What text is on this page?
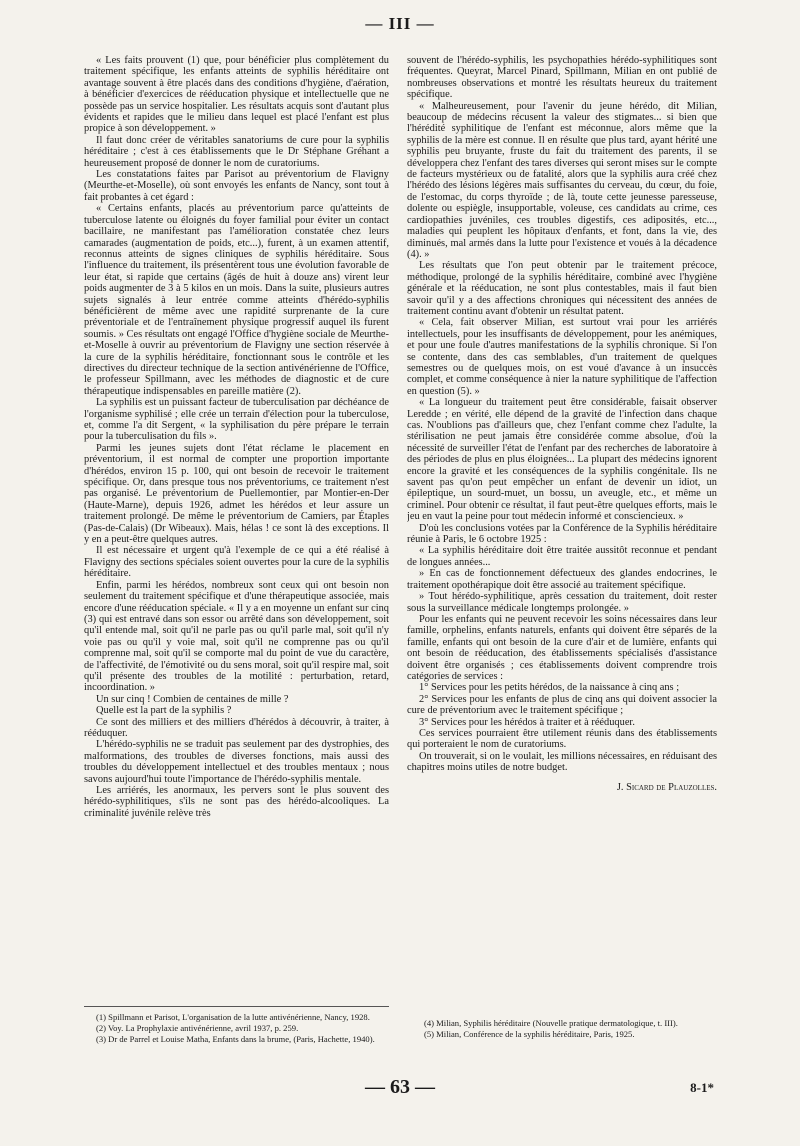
— III —

« Les faits prouvent (1) que, pour bénéficier plus complètement du traitement spécifique, les enfants atteints de syphilis héréditaire ont avantage souvent à être placés dans des conditions d'hygiène, d'aération, à bénéficier d'exercices de rééducation physique et intellectuelle que ne possède pas un service hospitalier. Les résultats acquis sont d'autant plus évidents et rapides que le milieu dans lequel est placé l'enfant est plus propice à son développement. »

Il faut donc créer de véritables sanatoriums de cure pour la syphilis héréditaire ; c'est à ces établissements que le Dr Stéphane Gréhant a heureusement proposé de donner le nom de curatoriums.

Les constatations faites par Parisot au préventorium de Flavigny (Meurthe-et-Moselle), où sont envoyés les enfants de Nancy, sont tout à fait probantes à cet égard :

« Certains enfants, placés au préventorium parce qu'atteints de tuberculose latente ou éloignés du foyer familial pour éviter un contact bacillaire, ne manifestant pas l'amélioration constatée chez leurs camarades (augmentation de poids, etc...), furent, à un examen attentif, reconnus atteints de signes cliniques de syphilis héréditaire. Sous l'influence du traitement, ils présentèrent tous une évolution favorable de leur état, si rapide que certains (âgés de huit à douze ans) virent leur poids augmenter de 3 à 5 kilos en un mois. Dans la suite, plusieurs autres sujets signalés à leur entrée comme atteints d'hérédo-syphilis bénéficièrent de même avec une rapidité surprenante de la cure préventoriale et de l'entraînement physique progressif auquel ils furent soumis. » Ces résultats ont engagé l'Office d'hygiène sociale de Meurthe-et-Moselle à ouvrir au préventorium de Flavigny une section réservée à la cure de la syphilis héréditaire, fonctionnant sous le contrôle et les directives du directeur technique de la section antivénérienne de l'Office, le professeur Spillmann, avec les méthodes de diagnostic et de cure thérapeutique indispensables en pareille matière (2).

La syphilis est un puissant facteur de tuberculisation par déchéance de l'organisme syphilisé ; elle crée un terrain d'élection pour la tuberculose, et, comme l'a dit Sergent, « la syphilisation du père prépare le terrain pour la tuberculisation du fils ».

Parmi les jeunes sujets dont l'état réclame le placement en préventorium, il est normal de compter une proportion importante d'hérédos, environ 15 p. 100, qui ont besoin de recevoir le traitement spécifique. Or, dans presque tous nos préventoriums, ce traitement n'est pas organisé. Le préventorium de Puellemontier, par Montier-en-Der (Haute-Marne), depuis 1926, admet les hérédos et leur assure un traitement prolongé. De même le préventorium de Camiers, par Étaples (Pas-de-Calais) (Dr Wibeaux). Mais, hélas ! ce sont là des exceptions. Il y en a peut-être quelques autres.

Il est nécessaire et urgent qu'à l'exemple de ce qui a été réalisé à Flavigny des sections spéciales soient ouvertes pour la cure de la syphilis héréditaire.

Enfin, parmi les hérédos, nombreux sont ceux qui ont besoin non seulement du traitement spécifique et d'une thérapeutique associée, mais encore d'une rééducation spéciale. « Il y a en moyenne un enfant sur cinq (3) qui est entravé dans son essor ou arrêté dans son développement, soit qu'il entende mal, soit qu'il ne parle pas ou qu'il parle mal, soit qu'il n'y voie pas ou qu'il y voie mal, soit qu'il ne comprenne pas ou qu'il comprenne mal, soit qu'il se comporte mal du point de vue du caractère, de l'affectivité, de l'émotivité ou du sens moral, soit qu'il respire mal, soit qu'il présente des troubles de la motilité : perturbation, retard, incoordination. »

Un sur cinq ! Combien de centaines de mille ?

Quelle est la part de la syphilis ?

Ce sont des milliers et des milliers d'hérédos à découvrir, à traiter, à rééduquer.

L'hérédo-syphilis ne se traduit pas seulement par des dystrophies, des malformations, des troubles de diverses fonctions, mais aussi des troubles du développement intellectuel et des troubles mentaux ; nous savons aujourd'hui toute l'importance de l'hérédo-syphilis mentale.

Les arriérés, les anormaux, les pervers sont le plus souvent des hérédo-syphilitiques, s'ils ne sont pas des hérédo-alcooliques. La criminalité juvénile relève très

souvent de l'hérédo-syphilis, les psychopathies hérédo-syphilitiques sont fréquentes. Queyrat, Marcel Pinard, Spillmann, Milian en ont publié de nombreuses observations et montré les résultats heureux du traitement spécifique.

« Malheureusement, pour l'avenir du jeune hérédo, dit Milian, beaucoup de médecins récusent la valeur des stigmates... si bien que l'hérédité syphilitique de l'enfant est méconnue, alors même que la syphilis de la mère est connue. Il en résulte que plus tard, ayant hérité une syphilis peu bruyante, fruste du fait du traitement des parents, il se développera chez l'enfant des tares diverses qui seront mises sur le compte de facteurs mystérieux ou de fatalité, alors que la syphilis aura créé chez l'hérédo des lésions légères mais suffisantes du cerveau, du cœur, du foie, de l'estomac, du corps thyroïde ; de là, toute cette jeunesse paresseuse, dolente ou espiègle, insupportable, voleuse, ces candidats au crime, ces cardiopathies juvéniles, ces troubles digestifs, ces adiposités, etc..., maladies qui peuplent les hôpitaux d'enfants, et font, dans la vie, des diminués, mal armés dans la lutte pour l'existence et voués à la décadence (4). »

Les résultats que l'on peut obtenir par le traitement précoce, méthodique, prolongé de la syphilis héréditaire, combiné avec l'hygiène générale et la rééducation, ne sont plus contestables, mais il faut bien savoir qu'il y a des affections chroniques qui nécessitent des années de traitement continu avant d'obtenir un résultat patent.

« Cela, fait observer Milian, est surtout vrai pour les arriérés intellectuels, pour les insuffisants de développement, pour les anémiques, et pour une foule d'autres manifestations de la syphilis chronique. Si l'on se contente, dans des cas semblables, d'un traitement de quelques semestres ou de quelques mois, on est voué d'avance à un insuccès complet, et comme conséquence à nier la nature syphilitique de l'affection en question (5). »

« La longueur du traitement peut être considérable, faisait observer Leredde ; en vérité, elle dépend de la gravité de l'infection dans chaque cas. N'oublions pas d'ailleurs que, chez l'enfant comme chez l'adulte, la stérilisation ne peut jamais être considérée comme absolue, d'où la nécessité de surveiller l'état de l'enfant par des recherches de laboratoire à des périodes de plus en plus éloignées... La plupart des médecins ignorent encore la gravité et les conséquences de la syphilis congénitale. Ils ne savent pas qu'on peut empêcher un enfant de devenir un idiot, un épileptique, un sourd-muet, un bossu, un aveugle, etc., et même un criminel. Pour obtenir ce résultat, il faut peut-être quelques efforts, mais le jeu en vaut la peine pour tout médecin informé et consciencieux. »

D'où les conclusions votées par la Conférence de la Syphilis héréditaire réunie à Paris, le 6 octobre 1925 :

« La syphilis héréditaire doit être traitée aussitôt reconnue et pendant de longues années...

» En cas de fonctionnement défectueux des glandes endocrines, le traitement opothérapique doit être associé au traitement spécifique.

» Tout hérédo-syphilitique, après cessation du traitement, doit rester sous la surveillance médicale longtemps prolongée. »

Pour les enfants qui ne peuvent recevoir les soins nécessaires dans leur famille, orphelins, enfants naturels, enfants qui doivent être séparés de la famille, enfants qui ont besoin de la cure d'air et de lumière, enfants qui ont besoin de rééducation, des établissements spécialisés d'assistance doivent être organisés ; ces établissements doivent comprendre trois catégories de services :

1° Services pour les petits hérédos, de la naissance à cinq ans ;

2° Services pour les enfants de plus de cinq ans qui doivent associer la cure de préventorium avec le traitement spécifique ;

3° Services pour les hérédos à traiter et à rééduquer.

Ces services pourraient être utilement réunis dans des établissements qui porteraient le nom de curatoriums.

On trouverait, si on le voulait, les millions nécessaires, en réduisant des chapitres moins utiles de notre budget.

J. Sicard de Plauzolles.

(1) Spillmann et Parisot, L'organisation de la lutte antivénérienne, Nancy, 1928.

(2) Voy. La Prophylaxie antivénérienne, avril 1937, p. 259.

(3) Dr de Parrel et Louise Matha, Enfants dans la brume, (Paris, Hachette, 1940).

(4) Milian, Syphilis héréditaire (Nouvelle pratique dermatologique, t. III).

(5) Milian, Conférence de la syphilis héréditaire, Paris, 1925.

— 63 —	8-1*
